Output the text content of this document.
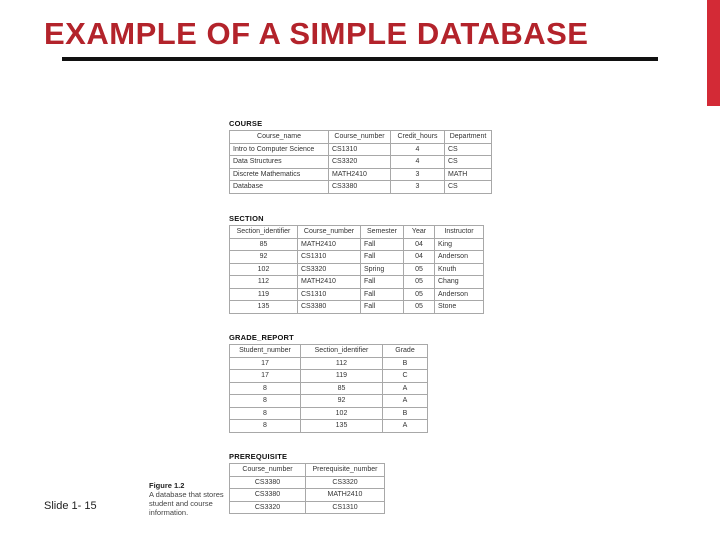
EXAMPLE OF A SIMPLE DATABASE
COURSE
Course_name	Course_number	Credit_hours	Department
Intro to Computer Science	CS1310	4	CS
Data Structures	CS3320	4	CS
Discrete Mathematics	MATH2410	3	MATH
Database	CS3380	3	CS
SECTION
Section_identifier	Course_number	Semester	Year	Instructor
85	MATH2410	Fall	04	King
92	CS1310	Fall	04	Anderson
102	CS3320	Spring	05	Knuth
112	MATH2410	Fall	05	Chang
119	CS1310	Fall	05	Anderson
135	CS3380	Fall	05	Stone
GRADE_REPORT
Student_number	Section_identifier	Grade
17	112	B
17	119	C
8	85	A
8	92	A
8	102	B
8	135	A
PREREQUISITE
Course_number	Prerequisite_number
CS3380	CS3320
CS3380	MATH2410
CS3320	CS1310
Figure 1.2
A database that stores student and course information.
Slide 1- 15
